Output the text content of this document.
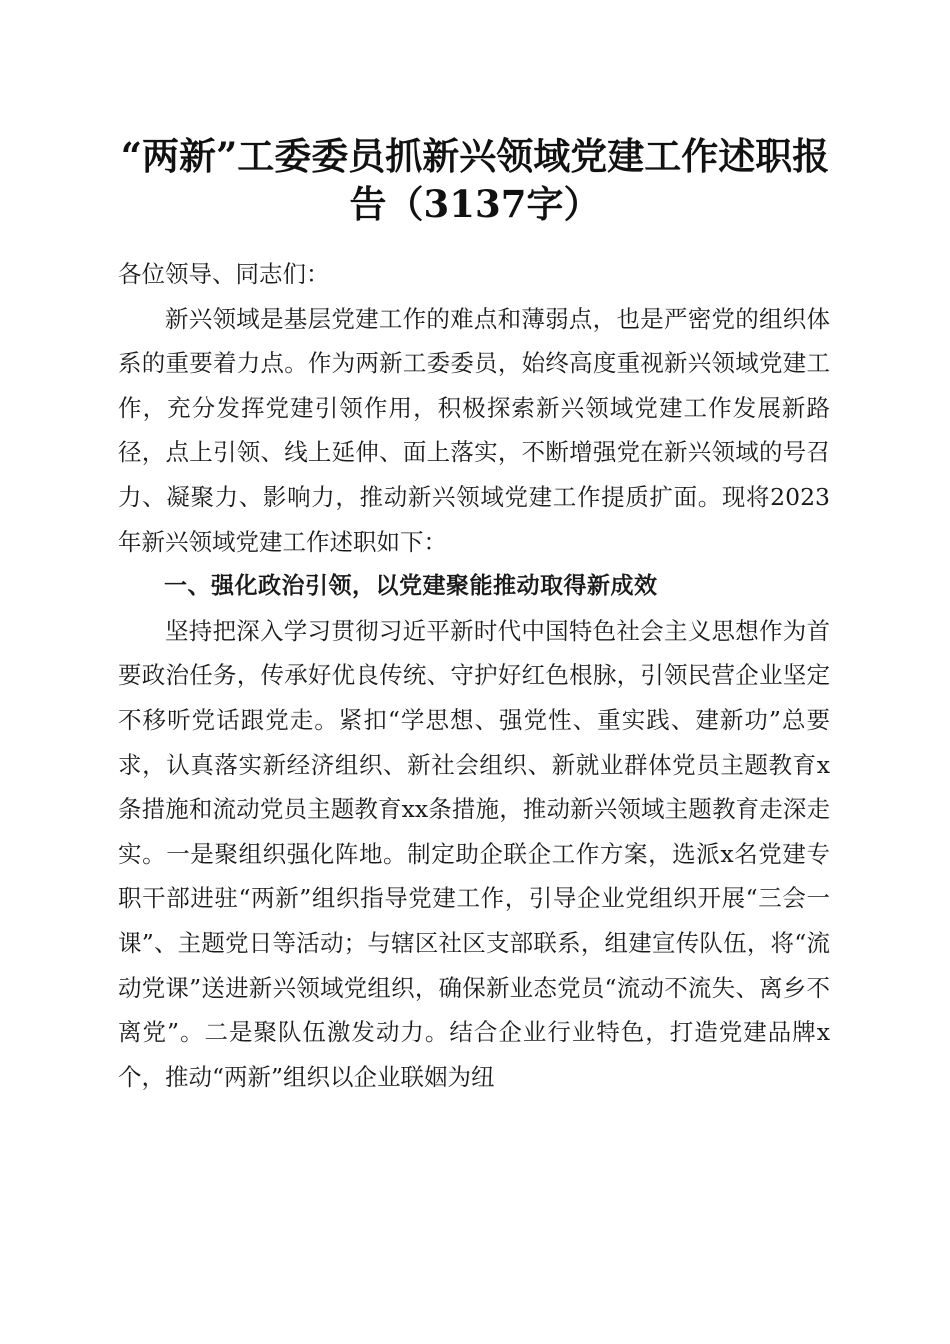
“两新”工委委员抓新兴领域党建工作述职报
告（3137字）

各位领导、同志们：

新兴领域是基层党建工作的难点和薄弱点，也是严密党的组织体系的重要着力点。作为两新工委委员，始终高度重视新兴领域党建工作，充分发挥党建引领作用，积极探索新兴领域党建工作发展新路径，点上引领、线上延伸、面上落实，不断增强党在新兴领域的号召力、凝聚力、影响力，推动新兴领域党建工作提质扩面。现将2023年新兴领域党建工作述职如下：

一、强化政治引领，以党建聚能推动取得新成效

坚持把深入学习贯彻习近平新时代中国特色社会主义思想作为首要政治任务，传承好优良传统、守护好红色根脉，引领民营企业坚定不移听党话跟党走。紧扣“学思想、强党性、重实践、建新功”总要求，认真落实新经济组织、新社会组织、新就业群体党员主题教育x条措施和流动党员主题教育xx条措施，推动新兴领域主题教育走深走实。一是聚组织强化阵地。制定助企联企工作方案，选派x名党建专职干部进驻“两新”组织指导党建工作，引导企业党组织开展“三会一课”、主题党日等活动；与辖区社区支部联系，组建宣传队伍，将“流动党课”送进新兴领域党组织，确保新业态党员“流动不流失、离乡不离党”。二是聚队伍激发动力。结合企业行业特色，打造党建品牌x个，推动“两新”组织以企业联姻为纽
